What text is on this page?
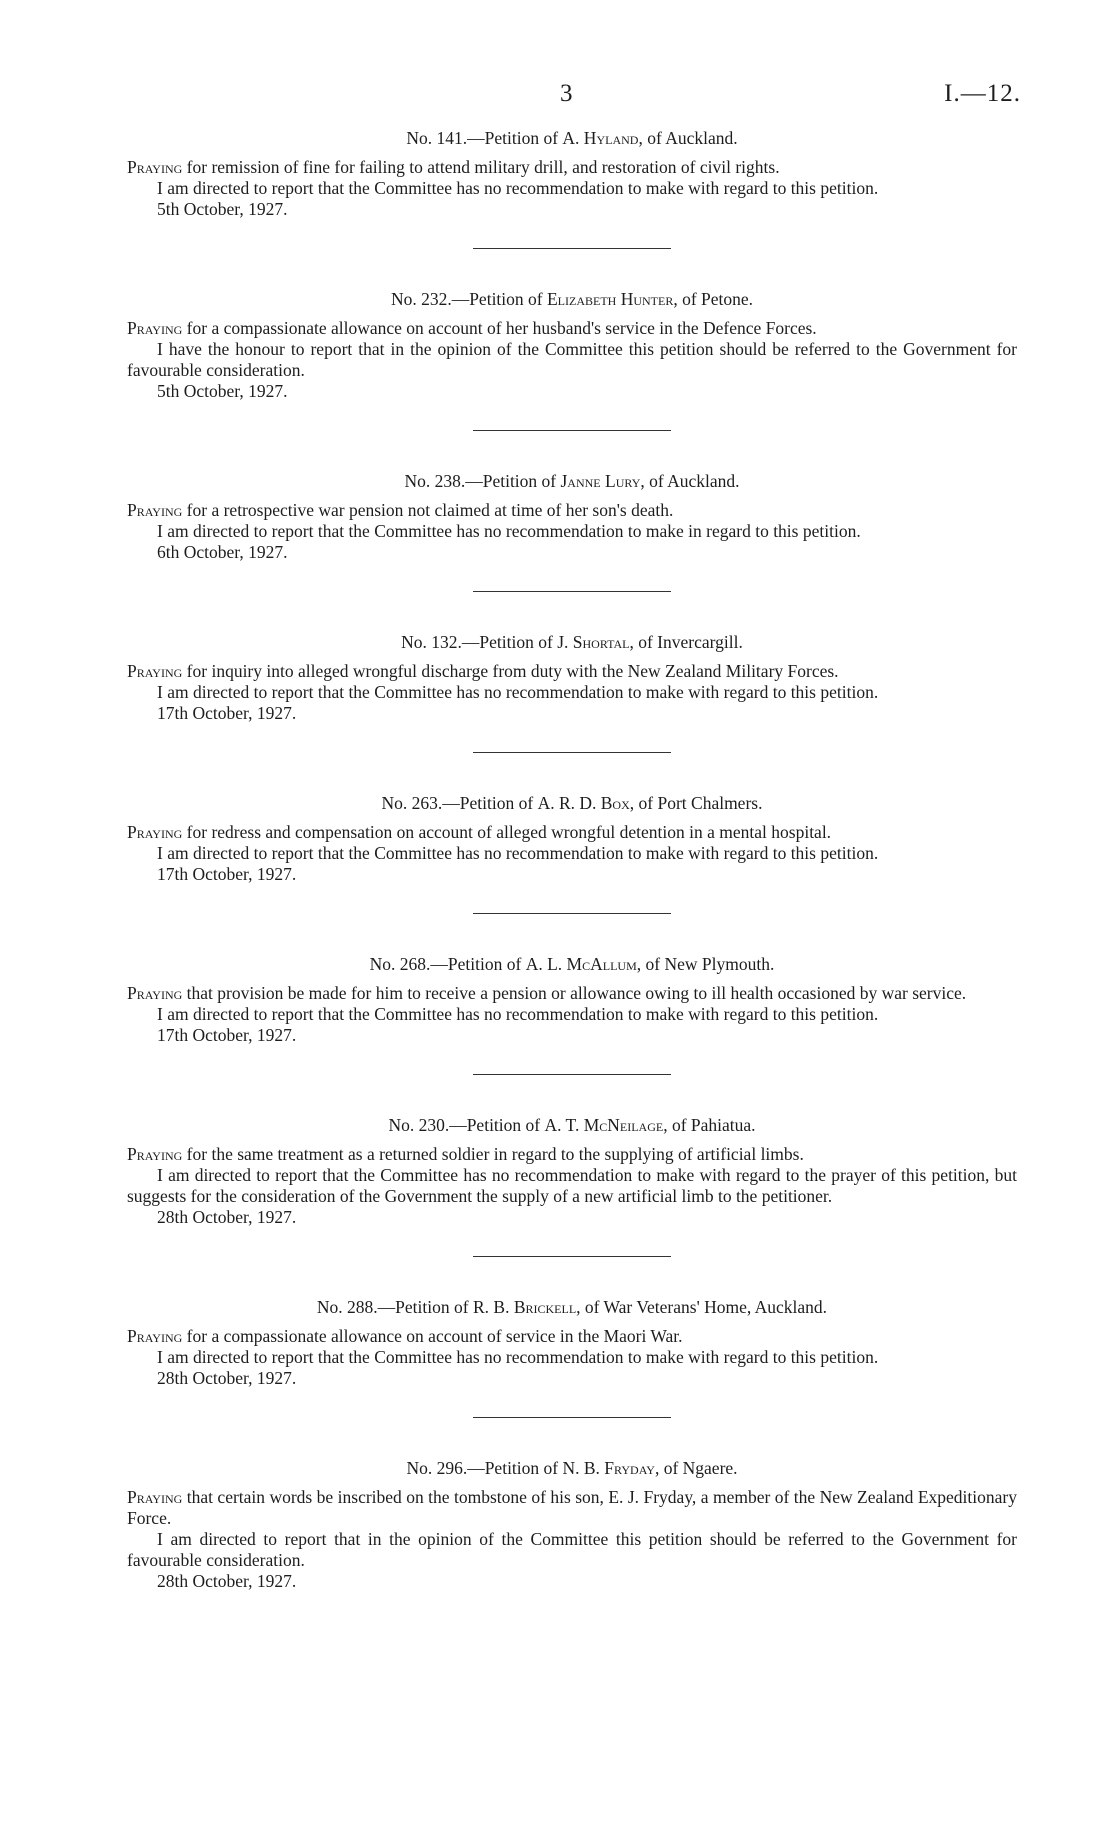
3	I.—12.

No. 141.—Petition of A. Hyland, of Auckland.

Praying for remission of fine for failing to attend military drill, and restoration of civil rights.

I am directed to report that the Committee has no recommendation to make with regard to this petition.

5th October, 1927.

No. 232.—Petition of Elizabeth Hunter, of Petone.

Praying for a compassionate allowance on account of her husband's service in the Defence Forces.

I have the honour to report that in the opinion of the Committee this petition should be referred to the Government for favourable consideration.

5th October, 1927.

No. 238.—Petition of Janne Lury, of Auckland.

Praying for a retrospective war pension not claimed at time of her son's death.

I am directed to report that the Committee has no recommendation to make in regard to this petition.

6th October, 1927.

No. 132.—Petition of J. Shortal, of Invercargill.

Praying for inquiry into alleged wrongful discharge from duty with the New Zealand Military Forces.

I am directed to report that the Committee has no recommendation to make with regard to this petition.

17th October, 1927.

No. 263.—Petition of A. R. D. Box, of Port Chalmers.

Praying for redress and compensation on account of alleged wrongful detention in a mental hospital.

I am directed to report that the Committee has no recommendation to make with regard to this petition.

17th October, 1927.

No. 268.—Petition of A. L. McAllum, of New Plymouth.

Praying that provision be made for him to receive a pension or allowance owing to ill health occasioned by war service.

I am directed to report that the Committee has no recommendation to make with regard to this petition.

17th October, 1927.

No. 230.—Petition of A. T. McNeilage, of Pahiatua.

Praying for the same treatment as a returned soldier in regard to the supplying of artificial limbs.

I am directed to report that the Committee has no recommendation to make with regard to the prayer of this petition, but suggests for the consideration of the Government the supply of a new artificial limb to the petitioner.

28th October, 1927.

No. 288.—Petition of R. B. Brickell, of War Veterans' Home, Auckland.

Praying for a compassionate allowance on account of service in the Maori War.

I am directed to report that the Committee has no recommendation to make with regard to this petition.

28th October, 1927.

No. 296.—Petition of N. B. Fryday, of Ngaere.

Praying that certain words be inscribed on the tombstone of his son, E. J. Fryday, a member of the New Zealand Expeditionary Force.

I am directed to report that in the opinion of the Committee this petition should be referred to the Government for favourable consideration.

28th October, 1927.
